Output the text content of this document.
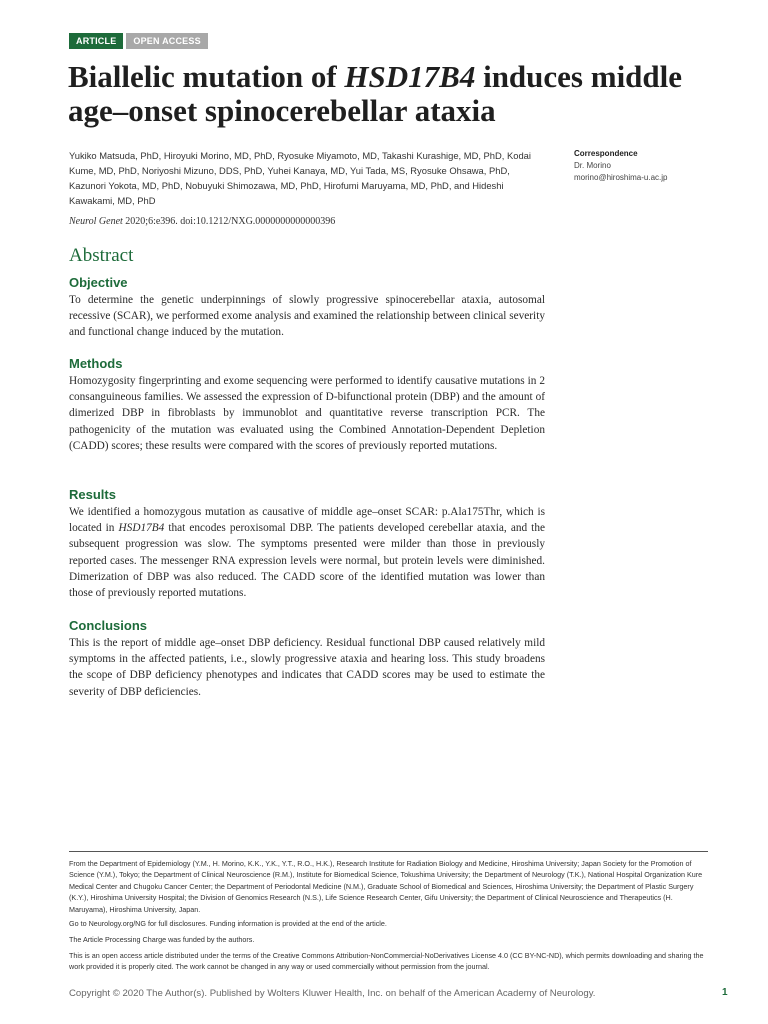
ARTICLE	OPEN ACCESS
Biallelic mutation of HSD17B4 induces middle age–onset spinocerebellar ataxia
Yukiko Matsuda, PhD, Hiroyuki Morino, MD, PhD, Ryosuke Miyamoto, MD, Takashi Kurashige, MD, PhD, Kodai Kume, MD, PhD, Noriyoshi Mizuno, DDS, PhD, Yuhei Kanaya, MD, Yui Tada, MS, Ryosuke Ohsawa, PhD, Kazunori Yokota, MD, PhD, Nobuyuki Shimozawa, MD, PhD, Hirofumi Maruyama, MD, PhD, and Hideshi Kawakami, MD, PhD
Correspondence
Dr. Morino
morino@hiroshima-u.ac.jp
Neurol Genet 2020;6:e396. doi:10.1212/NXG.0000000000000396
Abstract
Objective

To determine the genetic underpinnings of slowly progressive spinocerebellar ataxia, autosomal recessive (SCAR), we performed exome analysis and examined the relationship between clinical severity and functional change induced by the mutation.

Methods

Homozygosity fingerprinting and exome sequencing were performed to identify causative mutations in 2 consanguineous families. We assessed the expression of D-bifunctional protein (DBP) and the amount of dimerized DBP in fibroblasts by immunoblot and quantitative reverse transcription PCR. The pathogenicity of the mutation was evaluated using the Combined Annotation-Dependent Depletion (CADD) scores; these results were compared with the scores of previously reported mutations.

Results

We identified a homozygous mutation as causative of middle age–onset SCAR: p.Ala175Thr, which is located in HSD17B4 that encodes peroxisomal DBP. The patients developed cerebellar ataxia, and the subsequent progression was slow. The symptoms presented were milder than those in previously reported cases. The messenger RNA expression levels were normal, but protein levels were diminished. Dimerization of DBP was also reduced. The CADD score of the identified mutation was lower than those of previously reported mutations.

Conclusions

This is the report of middle age–onset DBP deficiency. Residual functional DBP caused relatively mild symptoms in the affected patients, i.e., slowly progressive ataxia and hearing loss. This study broadens the scope of DBP deficiency phenotypes and indicates that CADD scores may be used to estimate the severity of DBP deficiencies.

From the Department of Epidemiology (Y.M., H. Morino, K.K., Y.K., Y.T., R.O., H.K.), Research Institute for Radiation Biology and Medicine, Hiroshima University; Japan Society for the Promotion of Science (Y.M.), Tokyo; the Department of Clinical Neuroscience (R.M.), Institute for Biomedical Science, Tokushima University; the Department of Neurology (T.K.), National Hospital Organization Kure Medical Center and Chugoku Cancer Center; the Department of Periodontal Medicine (N.M.), Graduate School of Biomedical and Sciences, Hiroshima University; the Department of Plastic Surgery (K.Y.), Hiroshima University Hospital; the Division of Genomics Research (N.S.), Life Science Research Center, Gifu University; the Department of Clinical Neuroscience and Therapeutics (H. Maruyama), Hiroshima University, Japan.

Go to Neurology.org/NG for full disclosures. Funding information is provided at the end of the article.

The Article Processing Charge was funded by the authors.

This is an open access article distributed under the terms of the Creative Commons Attribution-NonCommercial-NoDerivatives License 4.0 (CC BY-NC-ND), which permits downloading and sharing the work provided it is properly cited. The work cannot be changed in any way or used commercially without permission from the journal.

Copyright © 2020 The Author(s). Published by Wolters Kluwer Health, Inc. on behalf of the American Academy of Neurology.	1
